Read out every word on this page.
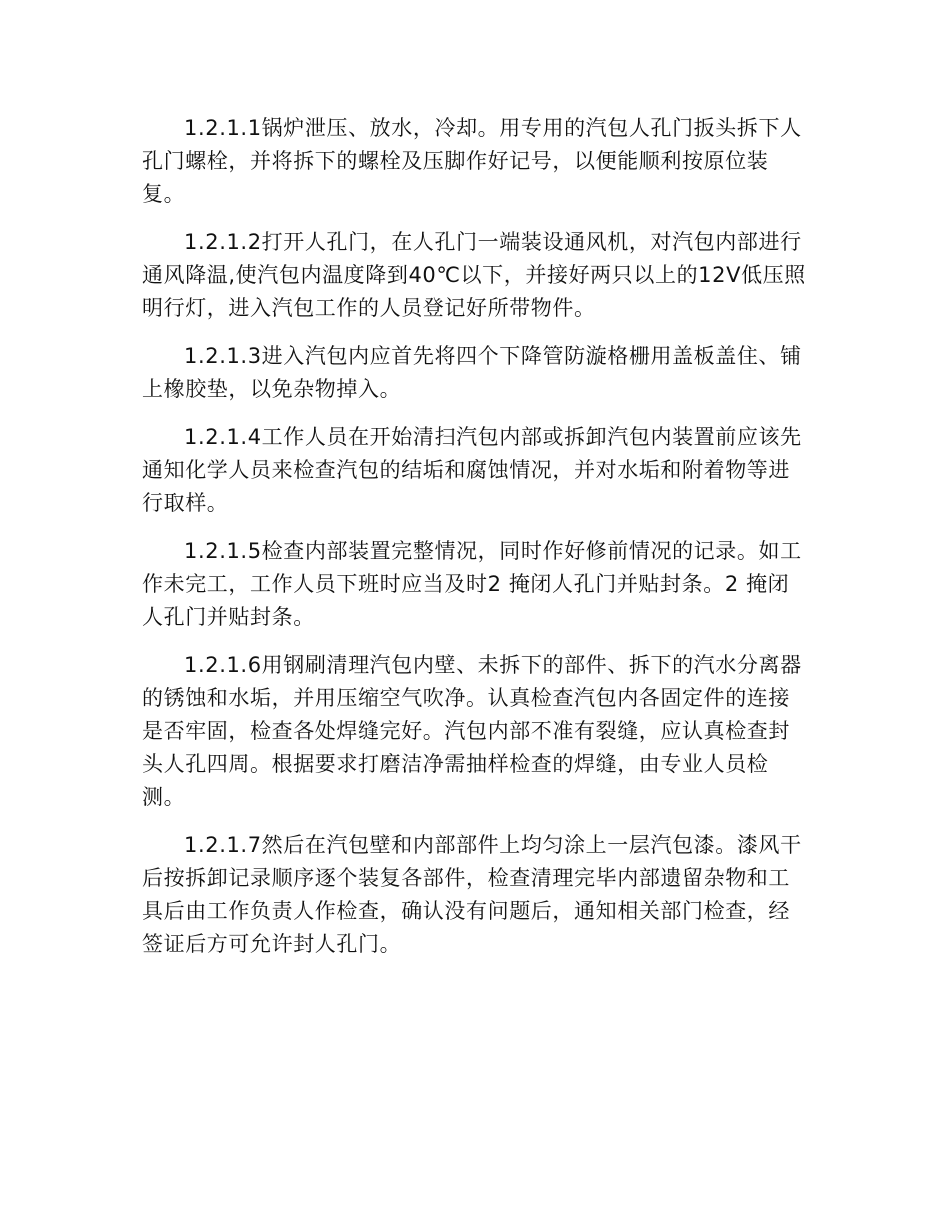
1.2.1.1锅炉泄压、放水，冷却。用专用的汽包人孔门扳头拆下人孔门螺栓，并将拆下的螺栓及压脚作好记号，以便能顺利按原位装复。

1.2.1.2打开人孔门，在人孔门一端装设通风机，对汽包内部进行通风降温,使汽包内温度降到40℃以下，并接好两只以上的12V低压照明行灯，进入汽包工作的人员登记好所带物件。

1.2.1.3进入汽包内应首先将四个下降管防漩格栅用盖板盖住、铺上橡胶垫，以免杂物掉入。

1.2.1.4工作人员在开始清扫汽包内部或拆卸汽包内装置前应该先通知化学人员来检查汽包的结垢和腐蚀情况，并对水垢和附着物等进行取样。

1.2.1.5检查内部装置完整情况，同时作好修前情况的记录。如工作未完工，工作人员下班时应当及时2 掩闭人孔门并贴封条。2 掩闭人孔门并贴封条。

1.2.1.6用钢刷清理汽包内壁、未拆下的部件、拆下的汽水分离器的锈蚀和水垢，并用压缩空气吹净。认真检查汽包内各固定件的连接是否牢固，检查各处焊缝完好。汽包内部不准有裂缝，应认真检查封头人孔四周。根据要求打磨洁净需抽样检查的焊缝，由专业人员检测。

1.2.1.7然后在汽包壁和内部部件上均匀涂上一层汽包漆。漆风干后按拆卸记录顺序逐个装复各部件，检查清理完毕内部遗留杂物和工具后由工作负责人作检查，确认没有问题后，通知相关部门检查，经签证后方可允许封人孔门。
